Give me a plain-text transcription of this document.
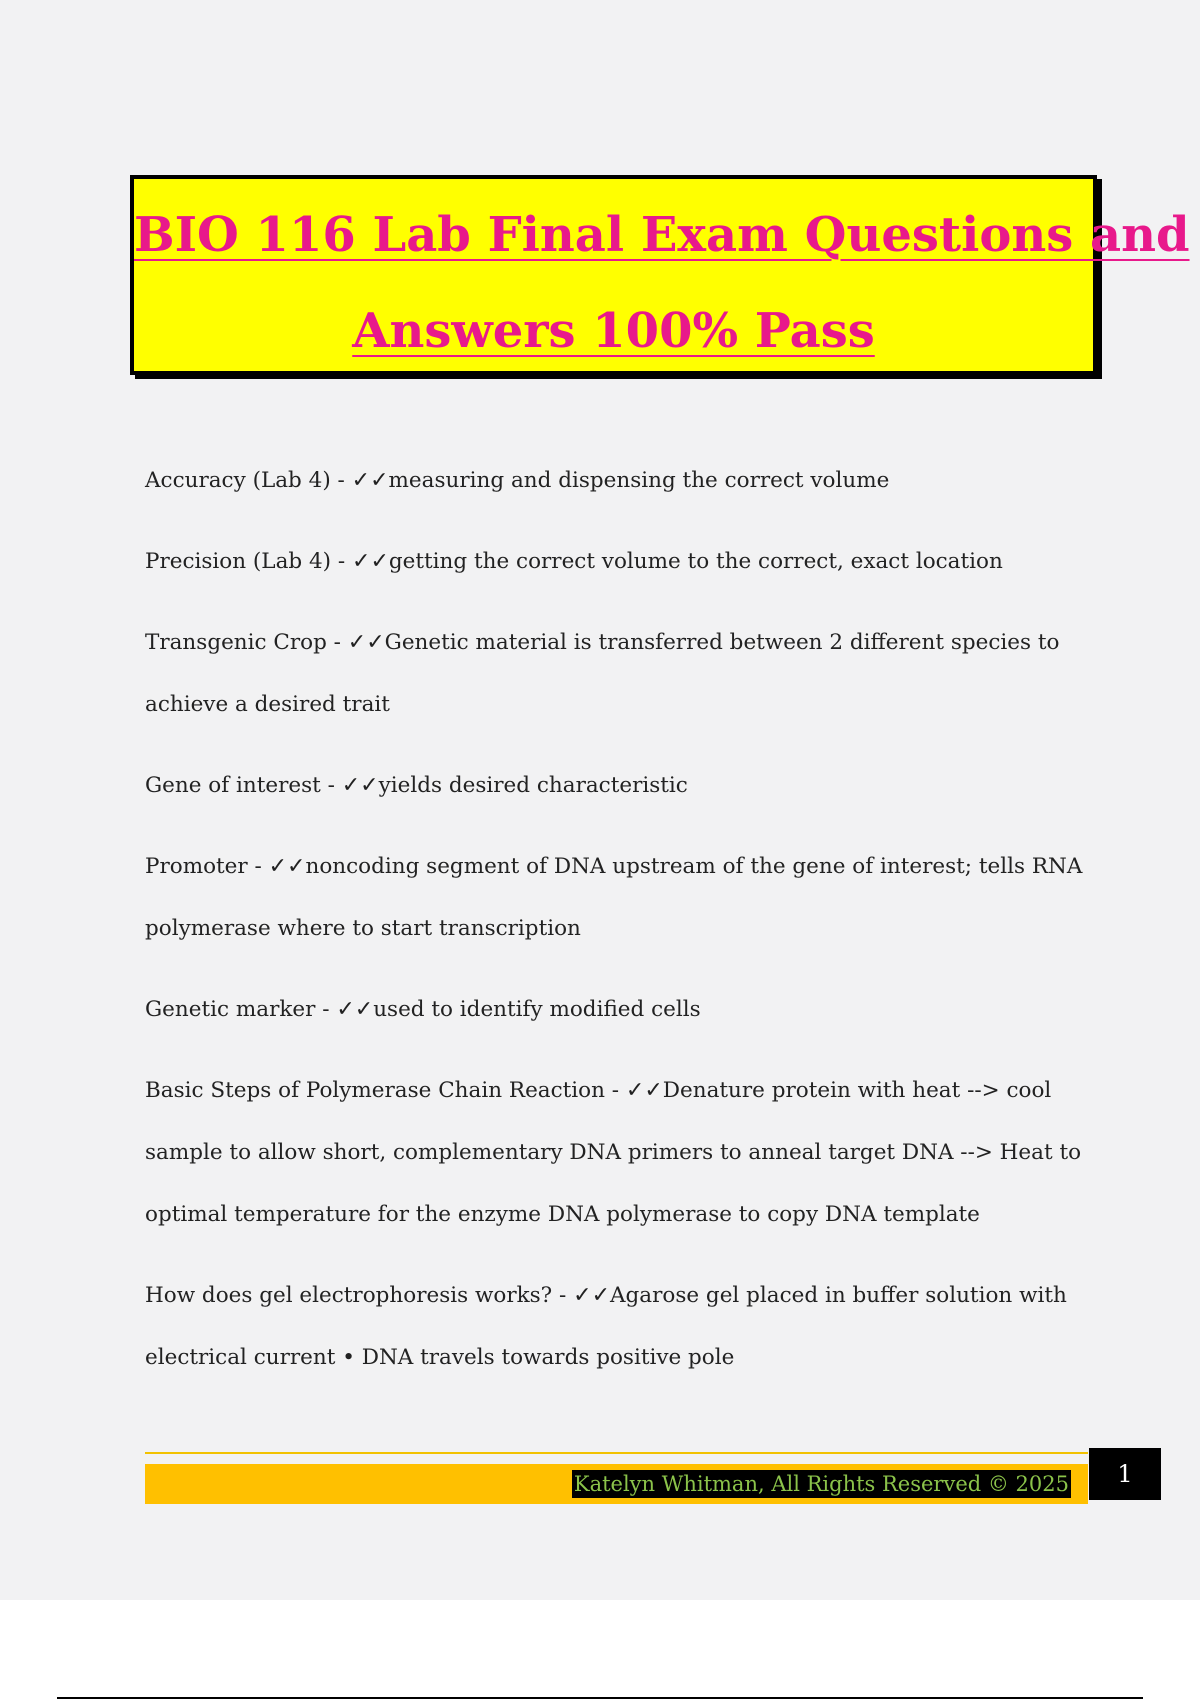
BIO 116 Lab Final Exam Questions and
Answers 100% Pass
Accuracy (Lab 4) - ✓✓measuring and dispensing the correct volume
Precision (Lab 4) - ✓✓getting the correct volume to the correct, exact location
Transgenic Crop - ✓✓Genetic material is transferred between 2 different species to achieve a desired trait
Gene of interest - ✓✓yields desired characteristic
Promoter - ✓✓noncoding segment of DNA upstream of the gene of interest; tells RNA polymerase where to start transcription
Genetic marker - ✓✓used to identify modified cells
Basic Steps of Polymerase Chain Reaction - ✓✓Denature protein with heat --> cool sample to allow short, complementary DNA primers to anneal target DNA --> Heat to optimal temperature for the enzyme DNA polymerase to copy DNA template
How does gel electrophoresis works? - ✓✓Agarose gel placed in buffer solution with electrical current • DNA travels towards positive pole
Katelyn Whitman, All Rights Reserved © 2025	1
